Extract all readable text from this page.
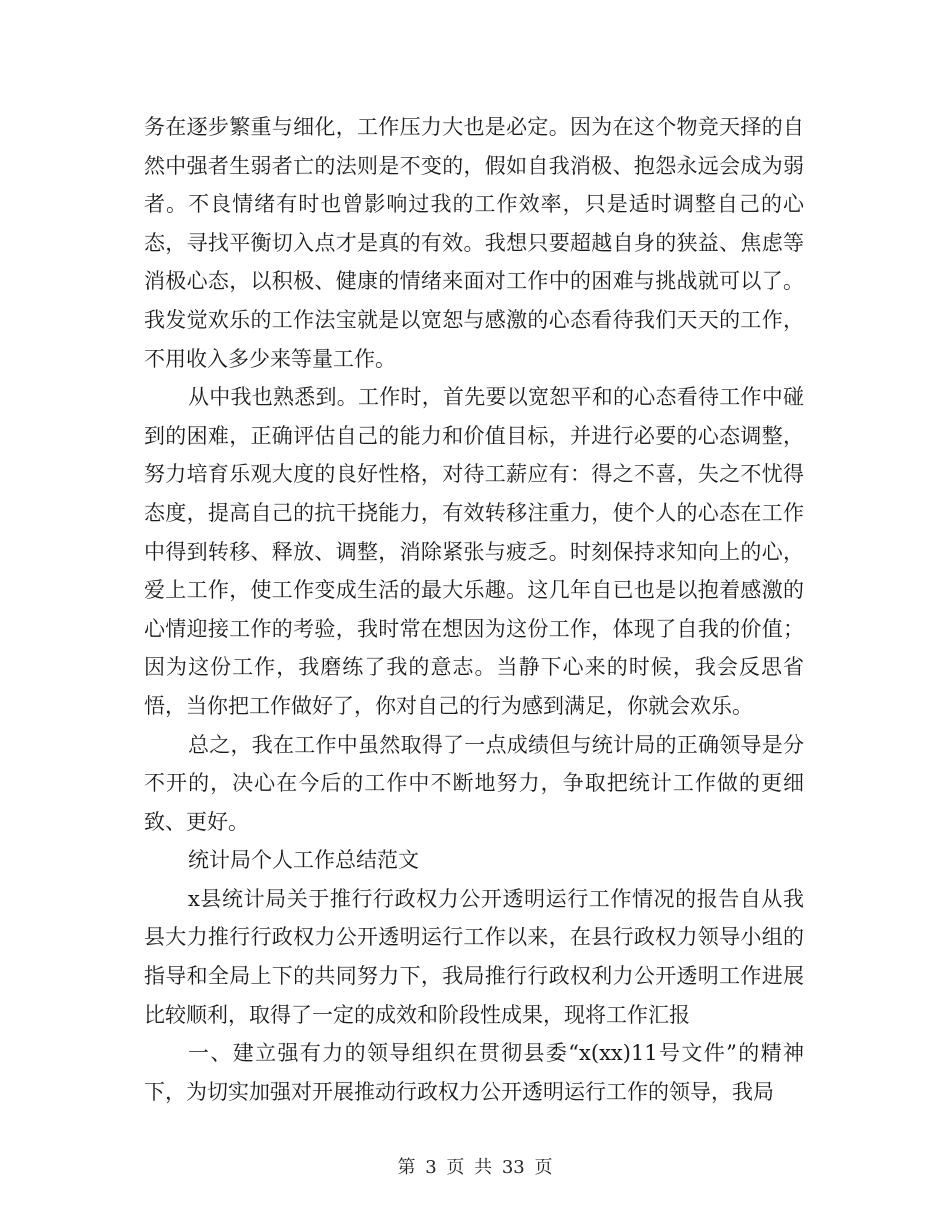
务在逐步繁重与细化，工作压力大也是必定。因为在这个物竞天择的自然中强者生弱者亡的法则是不变的，假如自我消极、抱怨永远会成为弱者。不良情绪有时也曾影响过我的工作效率，只是适时调整自己的心态，寻找平衡切入点才是真的有效。我想只要超越自身的狭益、焦虑等消极心态，以积极、健康的情绪来面对工作中的困难与挑战就可以了。我发觉欢乐的工作法宝就是以宽恕与感激的心态看待我们天天的工作，不用收入多少来等量工作。

从中我也熟悉到。工作时，首先要以宽恕平和的心态看待工作中碰到的困难，正确评估自己的能力和价值目标，并进行必要的心态调整，努力培育乐观大度的良好性格，对待工薪应有：得之不喜，失之不忧得态度，提高自己的抗干挠能力，有效转移注重力，使个人的心态在工作中得到转移、释放、调整，消除紧张与疲乏。时刻保持求知向上的心，爱上工作，使工作变成生活的最大乐趣。这几年自已也是以抱着感激的心情迎接工作的考验，我时常在想因为这份工作，体现了自我的价值；因为这份工作，我磨练了我的意志。当静下心来的时候，我会反思省悟，当你把工作做好了，你对自己的行为感到满足，你就会欢乐。

总之，我在工作中虽然取得了一点成绩但与统计局的正确领导是分不开的，决心在今后的工作中不断地努力，争取把统计工作做的更细致、更好。

统计局个人工作总结范文

x县统计局关于推行行政权力公开透明运行工作情况的报告自从我县大力推行行政权力公开透明运行工作以来，在县行政权力领导小组的指导和全局上下的共同努力下，我局推行行政权利力公开透明工作进展比较顺利，取得了一定的成效和阶段性成果，现将工作汇报

一、建立强有力的领导组织在贯彻县委“x(xx)11号文件”的精神下，为切实加强对开展推动行政权力公开透明运行工作的领导，我局

第 3 页 共 33 页
